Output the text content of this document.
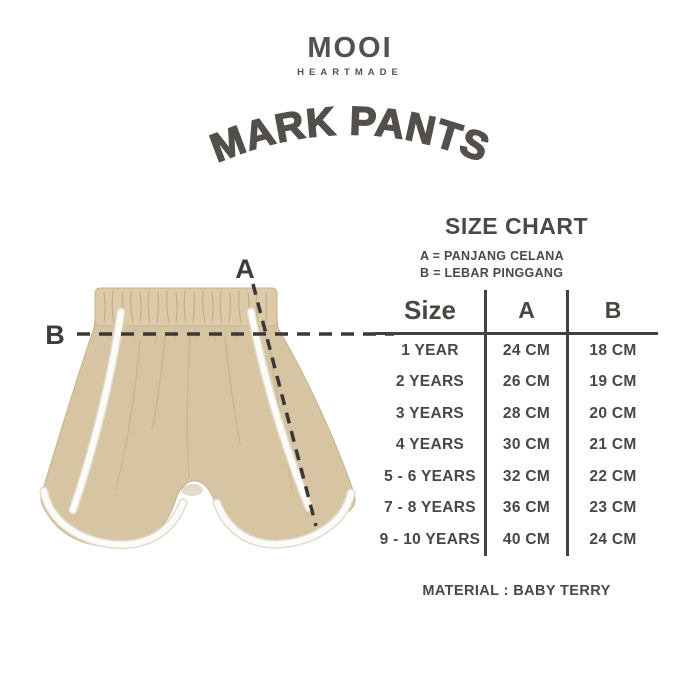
MOOI
HEARTMADE
MARK PANTS
A
B
SIZE CHART
A = PANJANG CELANA
B = LEBAR PINGGANG
Size	A	B
1 YEAR	24 CM	18 CM
2 YEARS	26 CM	19 CM
3 YEARS	28 CM	20 CM
4 YEARS	30 CM	21 CM
5 - 6 YEARS	32 CM	22 CM
7 - 8 YEARS	36 CM	23 CM
9 - 10 YEARS	40 CM	24 CM
MATERIAL : BABY TERRY
